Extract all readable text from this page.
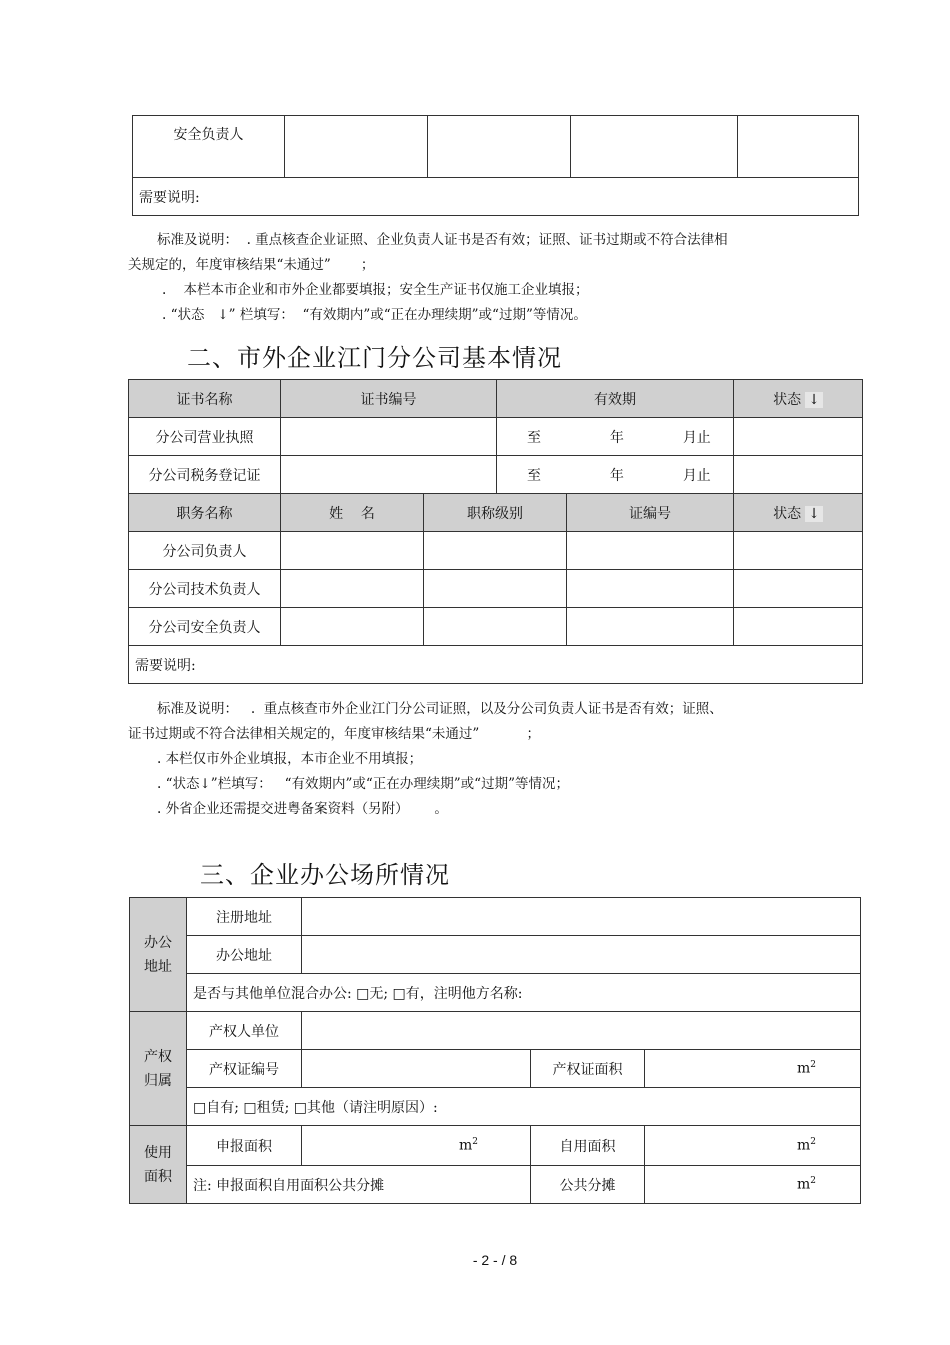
安全负责人				
需要说明:
标准及说明：  . 重点核查企业证照、企业负责人证书是否有效；证照、证书过期或不符合法律相
关规定的，年度审核结果“未通过”       ；
.    本栏本市企业和市外企业都要填报；安全生产证书仅施工企业填报；
. “状态   ↓” 栏填写：  “有效期内”或“正在办理续期”或“过期”等情况。
二、市外企业江门分公司基本情况
证书名称	证书编号		有效期		状态 ↓
分公司营业执照			至 年 月止		
分公司税务登记证			至 年 月止		
职务名称	姓    名	职称级别		证编号	状态 ↓
分公司负责人					
分公司技术负责人					
分公司安全负责人					
需要说明:					
标准及说明：   .  重点核查市外企业江门分公司证照，以及分公司负责人证书是否有效；证照、
证书过期或不符合法律相关规定的，年度审核结果“未通过”           ；
. 本栏仅市外企业填报，本市企业不用填报；
. “状态↓”栏填写：   “有效期内”或“正在办理续期”或“过期”等情况；
. 外省企业还需提交进粤备案资料（另附）      。
三、企业办公场所情况
办公
地址	注册地址			
	办公地址			
	是否与其他单位混合办公: □无; □有，注明他方名称:			
产权
归属	产权人单位			
	产权证编号		产权证面积	$m^2$
	□自有; □租赁; □其他（请注明原因）:			
使用
面积	申报面积	$m^2$	自用面积	$m^2$
	注: 申报面积自用面积公共分摊		公共分摊	$m^2$
- 2 - / 8
